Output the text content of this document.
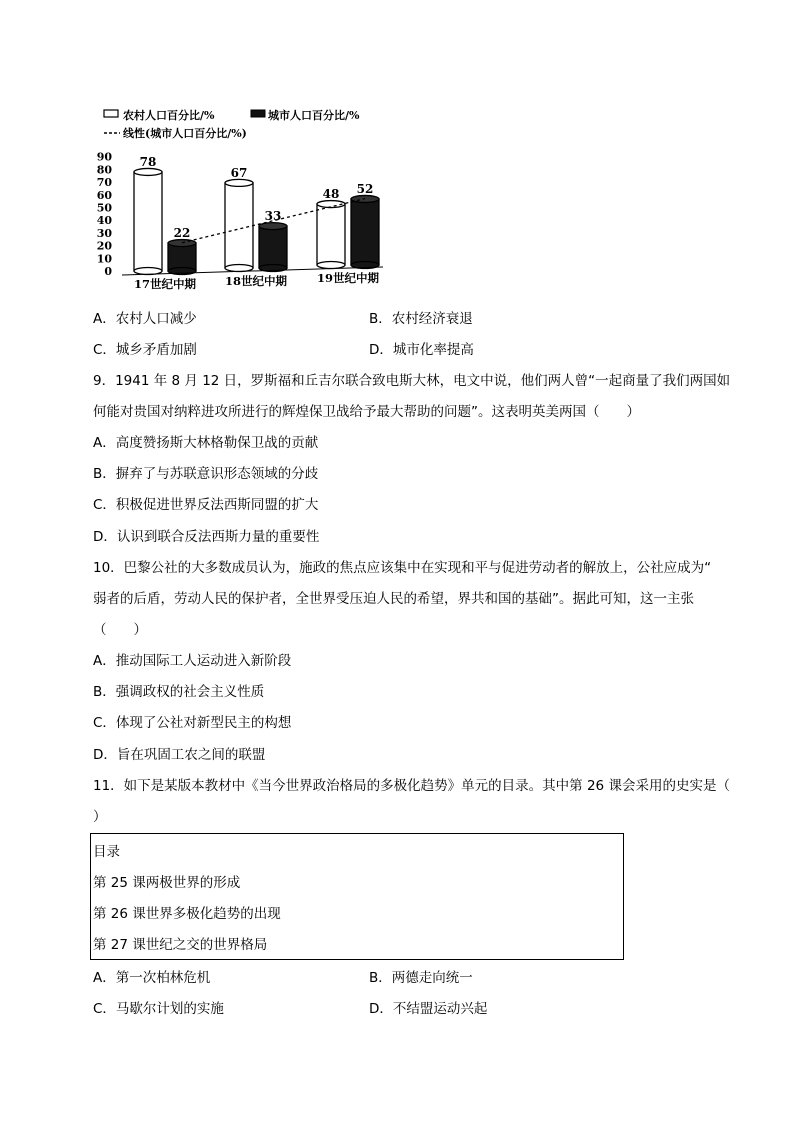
农村人口百分比/%	城市人口百分比/%
线性(城市人口百分比/%)
0
10
20
30
40
50
60
70
80
90 78
22
67
33
48 52
17世纪中期	18世纪中期	19世纪中期
A．农村人口减少	B．农村经济衰退
C．城乡矛盾加剧	D．城市化率提高
9．1941 年 8 月 12 日，罗斯福和丘吉尔联合致电斯大林，电文中说，他们两人曾“一起商量了我们两国如
何能对贵国对纳粹进攻所进行的辉煌保卫战给予最大帮助的问题”。这表明英美两国（　　）
A．高度赞扬斯大林格勒保卫战的贡献
B．摒弃了与苏联意识形态领域的分歧
C．积极促进世界反法西斯同盟的扩大
D．认识到联合反法西斯力量的重要性
10．巴黎公社的大多数成员认为，施政的焦点应该集中在实现和平与促进劳动者的解放上，公社应成为“
弱者的后盾，劳动人民的保护者，全世界受压迫人民的希望，界共和国的基础”。据此可知，这一主张
（　　）
A．推动国际工人运动进入新阶段
B．强调政权的社会主义性质
C．体现了公社对新型民主的构想
D．旨在巩固工农之间的联盟
11．如下是某版本教材中《当今世界政治格局的多极化趋势》单元的目录。其中第 26 课会采用的史实是（
）
目录
第 25 课两极世界的形成
第 26 课世界多极化趋势的出现
第 27 课世纪之交的世界格局
A．第一次柏林危机	B．两德走向统一
C．马歇尔计划的实施	D．不结盟运动兴起
